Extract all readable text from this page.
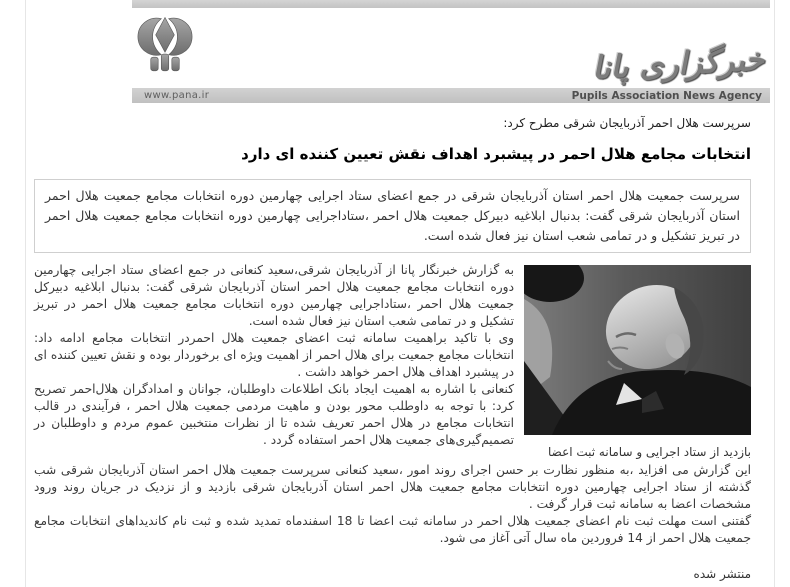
خبرگزاری پانا
www.pana.ir	Pupils Association News Agency
سرپرست هلال احمر آذربایجان شرقی مطرح کرد:
انتخابات مجامع هلال احمر در پیشبرد اهداف نقش تعیین کننده ای دارد
سرپرست جمعیت هلال احمر استان آذربایجان شرقی در جمع اعضای ستاد اجرایی چهارمین دوره انتخابات مجامع جمعیت هلال احمر استان آذربایجان شرقی گفت: بدنبال ابلاغیه دبیرکل جمعیت هلال احمر ،ستاداجرایی چهارمین دوره انتخابات مجامع جمعیت هلال احمر در تبریز تشکیل و در تمامی شعب استان نیز فعال شده است.
بازدید از ستاد اجرایی و سامانه ثبت اعضا

به گزارش خبرنگار پانا از آذربایجان شرقی،سعید کنعانی در جمع اعضای ستاد اجرایی چهارمین دوره انتخابات مجامع جمعیت هلال احمر استان آذربایجان شرقی گفت: بدنبال ابلاغیه دبیرکل جمعیت هلال احمر ،ستاداجرایی چهارمین دوره انتخابات مجامع جمعیت هلال احمر در تبریز تشکیل و در تمامی شعب استان نیز فعال شده است.

وی با تاکید براهمیت سامانه ثبت اعضای جمعیت هلال احمردر انتخابات مجامع ادامه داد: انتخابات مجامع جمعیت برای هلال احمر از اهمیت ویژه ای برخوردار بوده و نقش تعیین کننده ای در پیشبرد اهداف هلال احمر خواهد داشت .

کنعانی با اشاره به اهمیت ایجاد بانک اطلاعات داوطلبان، جوانان و امدادگران هلال‌احمر تصریح کرد: با توجه به داوطلب محور بودن و ماهیت مردمی جمعیت هلال احمر ، فرآیندی در قالب انتخابات مجامع در هلال احمر تعریف شده تا از نظرات منتخبین عموم مردم و داوطلبان در تصمیم‌گیری‌های جمعیت هلال احمر استفاده گردد .

این گزارش می افزاید ،به منظور نظارت بر حسن اجرای روند امور ،سعید کنعانی سرپرست جمعیت هلال احمر استان آذربایجان شرقی شب گذشته از ستاد اجرایی چهارمین دوره انتخابات مجامع جمعیت هلال احمر استان آذربایجان شرقی بازدید و از نزدیک در جریان روند ورود مشخصات اعضا به سامانه ثبت قرار گرفت .

گفتنی است مهلت ثبت نام اعضای جمعیت هلال احمر در سامانه ثبت اعضا تا 18 اسفندماه تمدید شده و ثبت نام کاندیداهای انتخابات مجامع جمعیت هلال احمر از 14 فروردین ماه سال آتی آغاز می شود.

منتشر شده
